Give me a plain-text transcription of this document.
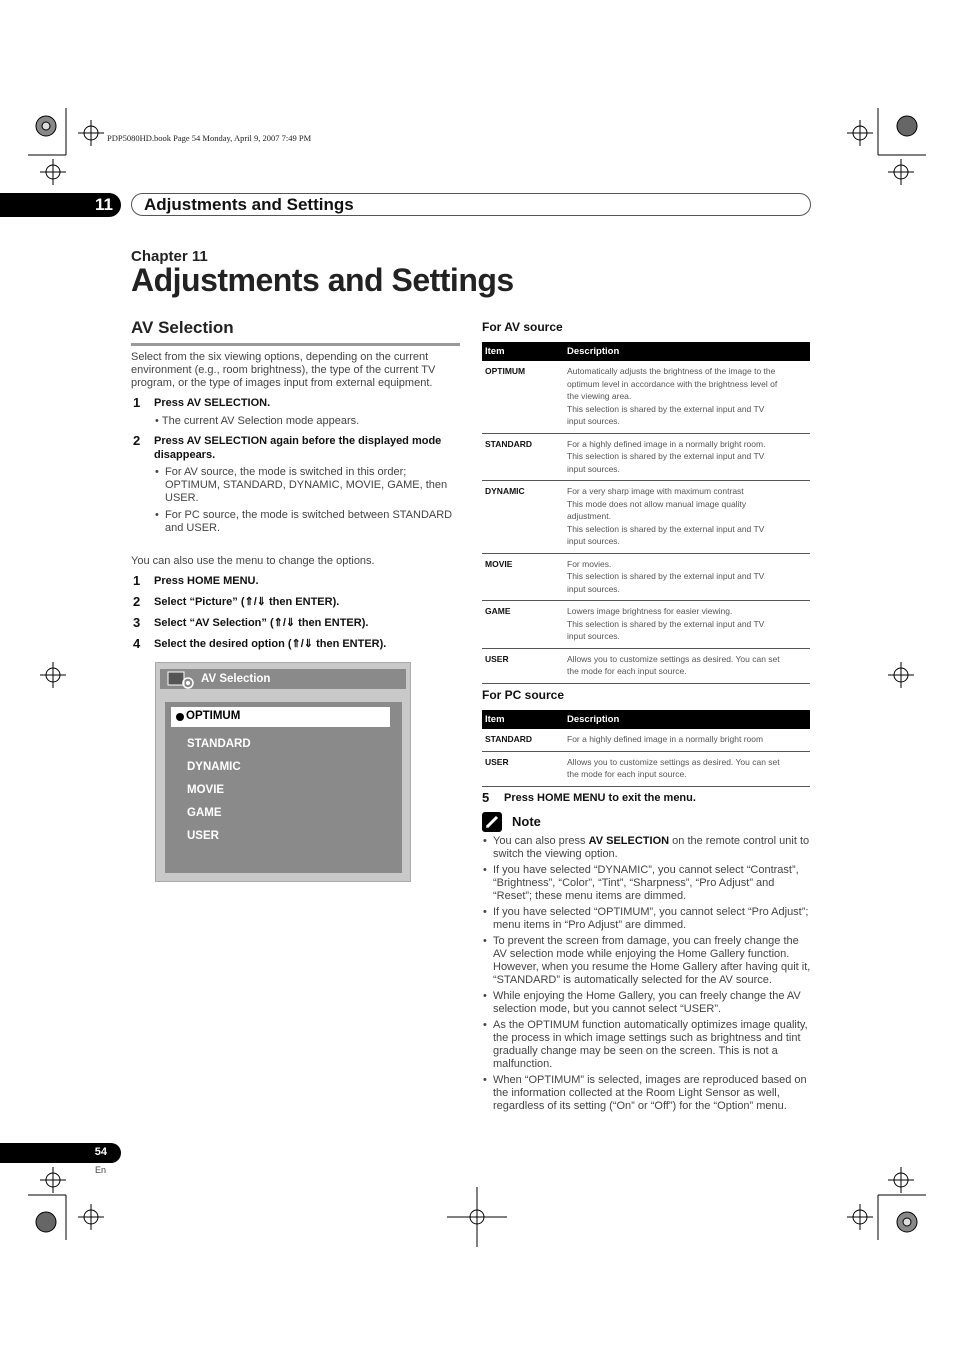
PDP5080HD.book Page 54 Monday, April 9, 2007 7:49 PM
11 Adjustments and Settings
Chapter 11
Adjustments and Settings
AV Selection
Select from the six viewing options, depending on the current
environment (e.g., room brightness), the type of the current TV
program, or the type of images input from external equipment.
1 Press AV SELECTION.
• The current AV Selection mode appears.
2 Press AV SELECTION again before the displayed mode
disappears.
• For AV source, the mode is switched in this order;
OPTIMUM, STANDARD, DYNAMIC, MOVIE, GAME, then
USER.
• For PC source, the mode is switched between STANDARD
and USER.
You can also use the menu to change the options.
1 Press HOME MENU.
2 Select “Picture” (⇑/⇓ then ENTER).
3 Select “AV Selection” (⇑/⇓ then ENTER).
4 Select the desired option (⇑/⇓ then ENTER).
AV Selection
OPTIMUM
STANDARD
DYNAMIC
MOVIE
GAME
USER
For AV source
Item	Description
OPTIMUM	Automatically adjusts the brightness of the image to the
optimum level in accordance with the brightness level of
the viewing area.
This selection is shared by the external input and TV
input sources.

STANDARD	For a highly defined image in a normally bright room.
This selection is shared by the external input and TV
input sources.

DYNAMIC	For a very sharp image with maximum contrast
This mode does not allow manual image quality
adjustment.
This selection is shared by the external input and TV
input sources.

MOVIE	For movies.
This selection is shared by the external input and TV
input sources.

GAME	Lowers image brightness for easier viewing.
This selection is shared by the external input and TV
input sources.

USER	Allows you to customize settings as desired. You can set
the mode for each input source.
For PC source
Item	Description
STANDARD	For a highly defined image in a normally bright room

USER	Allows you to customize settings as desired. You can set
the mode for each input source.
5 Press HOME MENU to exit the menu.
Note
• You can also press AV SELECTION on the remote control unit to switch the viewing option.
• If you have selected “DYNAMIC”, you cannot select “Contrast”, “Brightness”, “Color”, “Tint”, “Sharpness”, “Pro Adjust” and “Reset”; these menu items are dimmed.
• If you have selected “OPTIMUM”, you cannot select “Pro Adjust”; menu items in “Pro Adjust” are dimmed.
• To prevent the screen from damage, you can freely change the AV selection mode while enjoying the Home Gallery function. However, when you resume the Home Gallery after having quit it, “STANDARD” is automatically selected for the AV source.
• While enjoying the Home Gallery, you can freely change the AV selection mode, but you cannot select “USER”.
• As the OPTIMUM function automatically optimizes image quality, the process in which image settings such as brightness and tint gradually change may be seen on the screen. This is not a malfunction.
• When “OPTIMUM” is selected, images are reproduced based on the information collected at the Room Light Sensor as well, regardless of its setting (“On” or “Off”) for the “Option” menu.
54
En
